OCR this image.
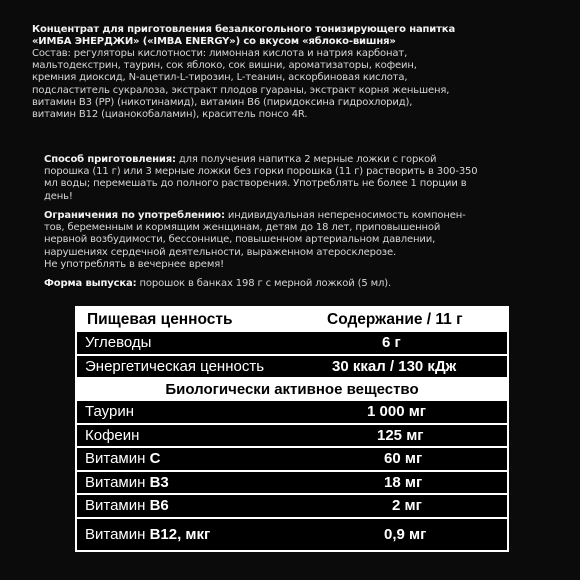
Концентрат для приготовления безалкогольного тонизирующего напитка
«ИМБА ЭНЕРДЖИ» («IMBA ENERGY») со вкусом «яблоко-вишня»
Состав: регуляторы кислотности: лимонная кислота и натрия карбонат,
мальтодекстрин, таурин, сок яблоко, сок вишни, ароматизаторы, кофеин,
кремния диоксид, N-ацетил-L-тирозин, L-теанин, аскорбиновая кислота,
подсластитель сукралоза, экстракт плодов гуараны, экстракт корня женьшеня,
витамин В3 (РР) (никотинамид), витамин В6 (пиридоксина гидрохлорид),
витамин В12 (цианокобаламин), краситель понсо 4R.
Способ приготовления: для получения напитка 2 мерные ложки с горкой
порошка (11 г) или 3 мерные ложки без горки порошка (11 г) растворить в 300-350
мл воды; перемешать до полного растворения. Употреблять не более 1 порции в
день!
Ограничения по употреблению: индивидуальная непереносимость компонен-
тов, беременным и кормящим женщинам, детям до 18 лет, приповышенной
нервной возбудимости, бессоннице, повышенном артериальном давлении,
нарушениях сердечной деятельности, выраженном атеросклерозе.
Не употреблять в вечернее время!
Форма выпуска: порошок в банках 198 г с мерной ложкой (5 мл).
Пищевая ценность	Содержание / 11 г
Углеводы	6 г
Энергетическая ценность	30 ккал / 130 кДж
Биологически активное вещество
Таурин	1 000 мг
Кофеин	125 мг
Витамин С	60 мг
Витамин В3	18 мг
Витамин В6	2 мг
Витамин В12, мкг	0,9 мг
